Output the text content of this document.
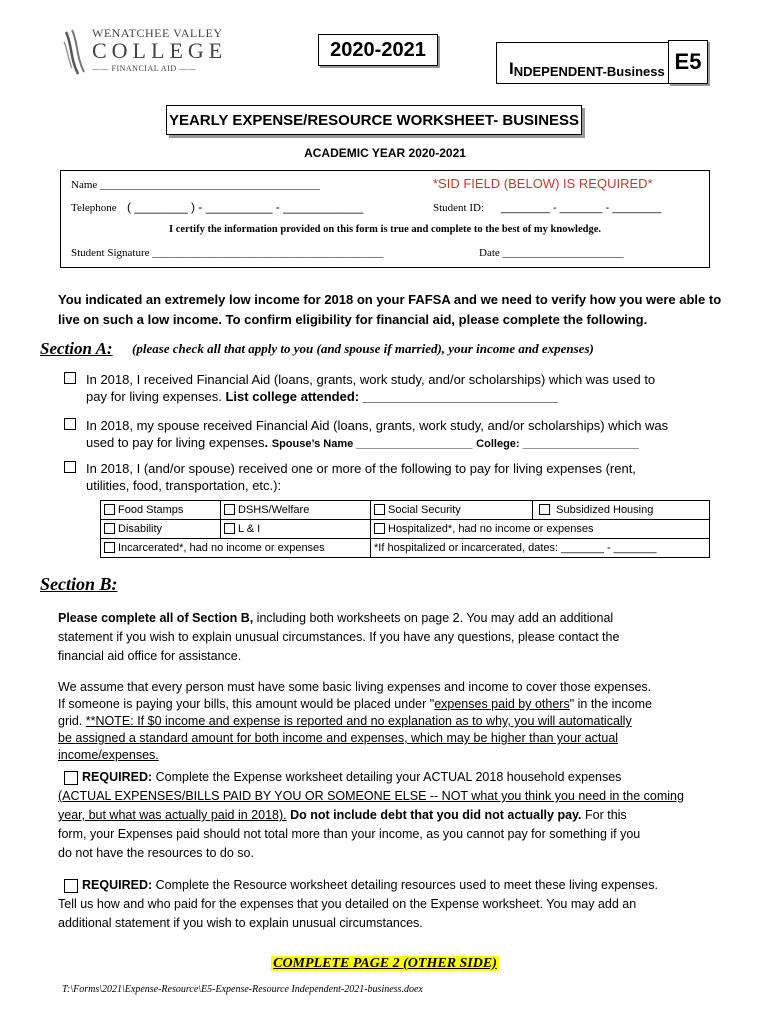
WENATCHEE VALLEY
COLLEGE
—— FINANCIAL AID ——
2020-2021
I NDEPENDENT-Business E5
YEARLY EXPENSE/RESOURCE WORKSHEET- BUSINESS
ACADEMIC YEAR 2020-2021
Name ________________________________________	*SID FIELD (BELOW) IS REQUIRED*
Telephone ( ________ ) - __________ - ____________	Student ID: ________ - _______ - ________
I certify the information provided on this form is true and complete to the best of my knowledge.
Student Signature __________________________________________	Date ______________________
You indicated an extremely low income for 2018 on your FAFSA and we need to verify how you were able to live on such a low income. To confirm eligibility for financial aid, please complete the following.
Section A: (please check all that apply to you (and spouse if married), your income and expenses)
In 2018, I received Financial Aid (loans, grants, work study, and/or scholarships) which was used to
pay for living expenses. List college attended: ___________________________
In 2018, my spouse received Financial Aid (loans, grants, work study, and/or scholarships) which was
used to pay for living expenses. Spouse’s Name ___________________ College: ___________________
In 2018, I (and/or spouse) received one or more of the following to pay for living expenses (rent,
utilities, food, transportation, etc.):
Food Stamps	DSHS/Welfare	Social Security	Subsidized Housing
Disability	L & I	Hospitalized*, had no income or expenses	
Incarcerated*, had no income or expenses		*If hospitalized or incarcerated, dates: _______ - _______	
Section B:
Please complete all of Section B, including both worksheets on page 2. You may add an additional
statement if you wish to explain unusual circumstances. If you have any questions, please contact the
financial aid office for assistance.
We assume that every person must have some basic living expenses and income to cover those expenses.
If someone is paying your bills, this amount would be placed under "expenses paid by others" in the income
grid. **NOTE: If $0 income and expense is reported and no explanation as to why, you will automatically
be assigned a standard amount for both income and expenses, which may be higher than your actual
income/expenses.
REQUIRED: Complete the Expense worksheet detailing your ACTUAL 2018 household expenses
(ACTUAL EXPENSES/BILLS PAID BY YOU OR SOMEONE ELSE -- NOT what you think you need in the coming
year, but what was actually paid in 2018). Do not include debt that you did not actually pay. For this
form, your Expenses paid should not total more than your income, as you cannot pay for something if you
do not have the resources to do so.
REQUIRED: Complete the Resource worksheet detailing resources used to meet these living expenses.
Tell us how and who paid for the expenses that you detailed on the Expense worksheet. You may add an
additional statement if you wish to explain unusual circumstances.
COMPLETE PAGE 2 (OTHER SIDE)
T:\Forms\2021\Expense-Resource\E5-Expense-Resource Independent-2021-business.doex
